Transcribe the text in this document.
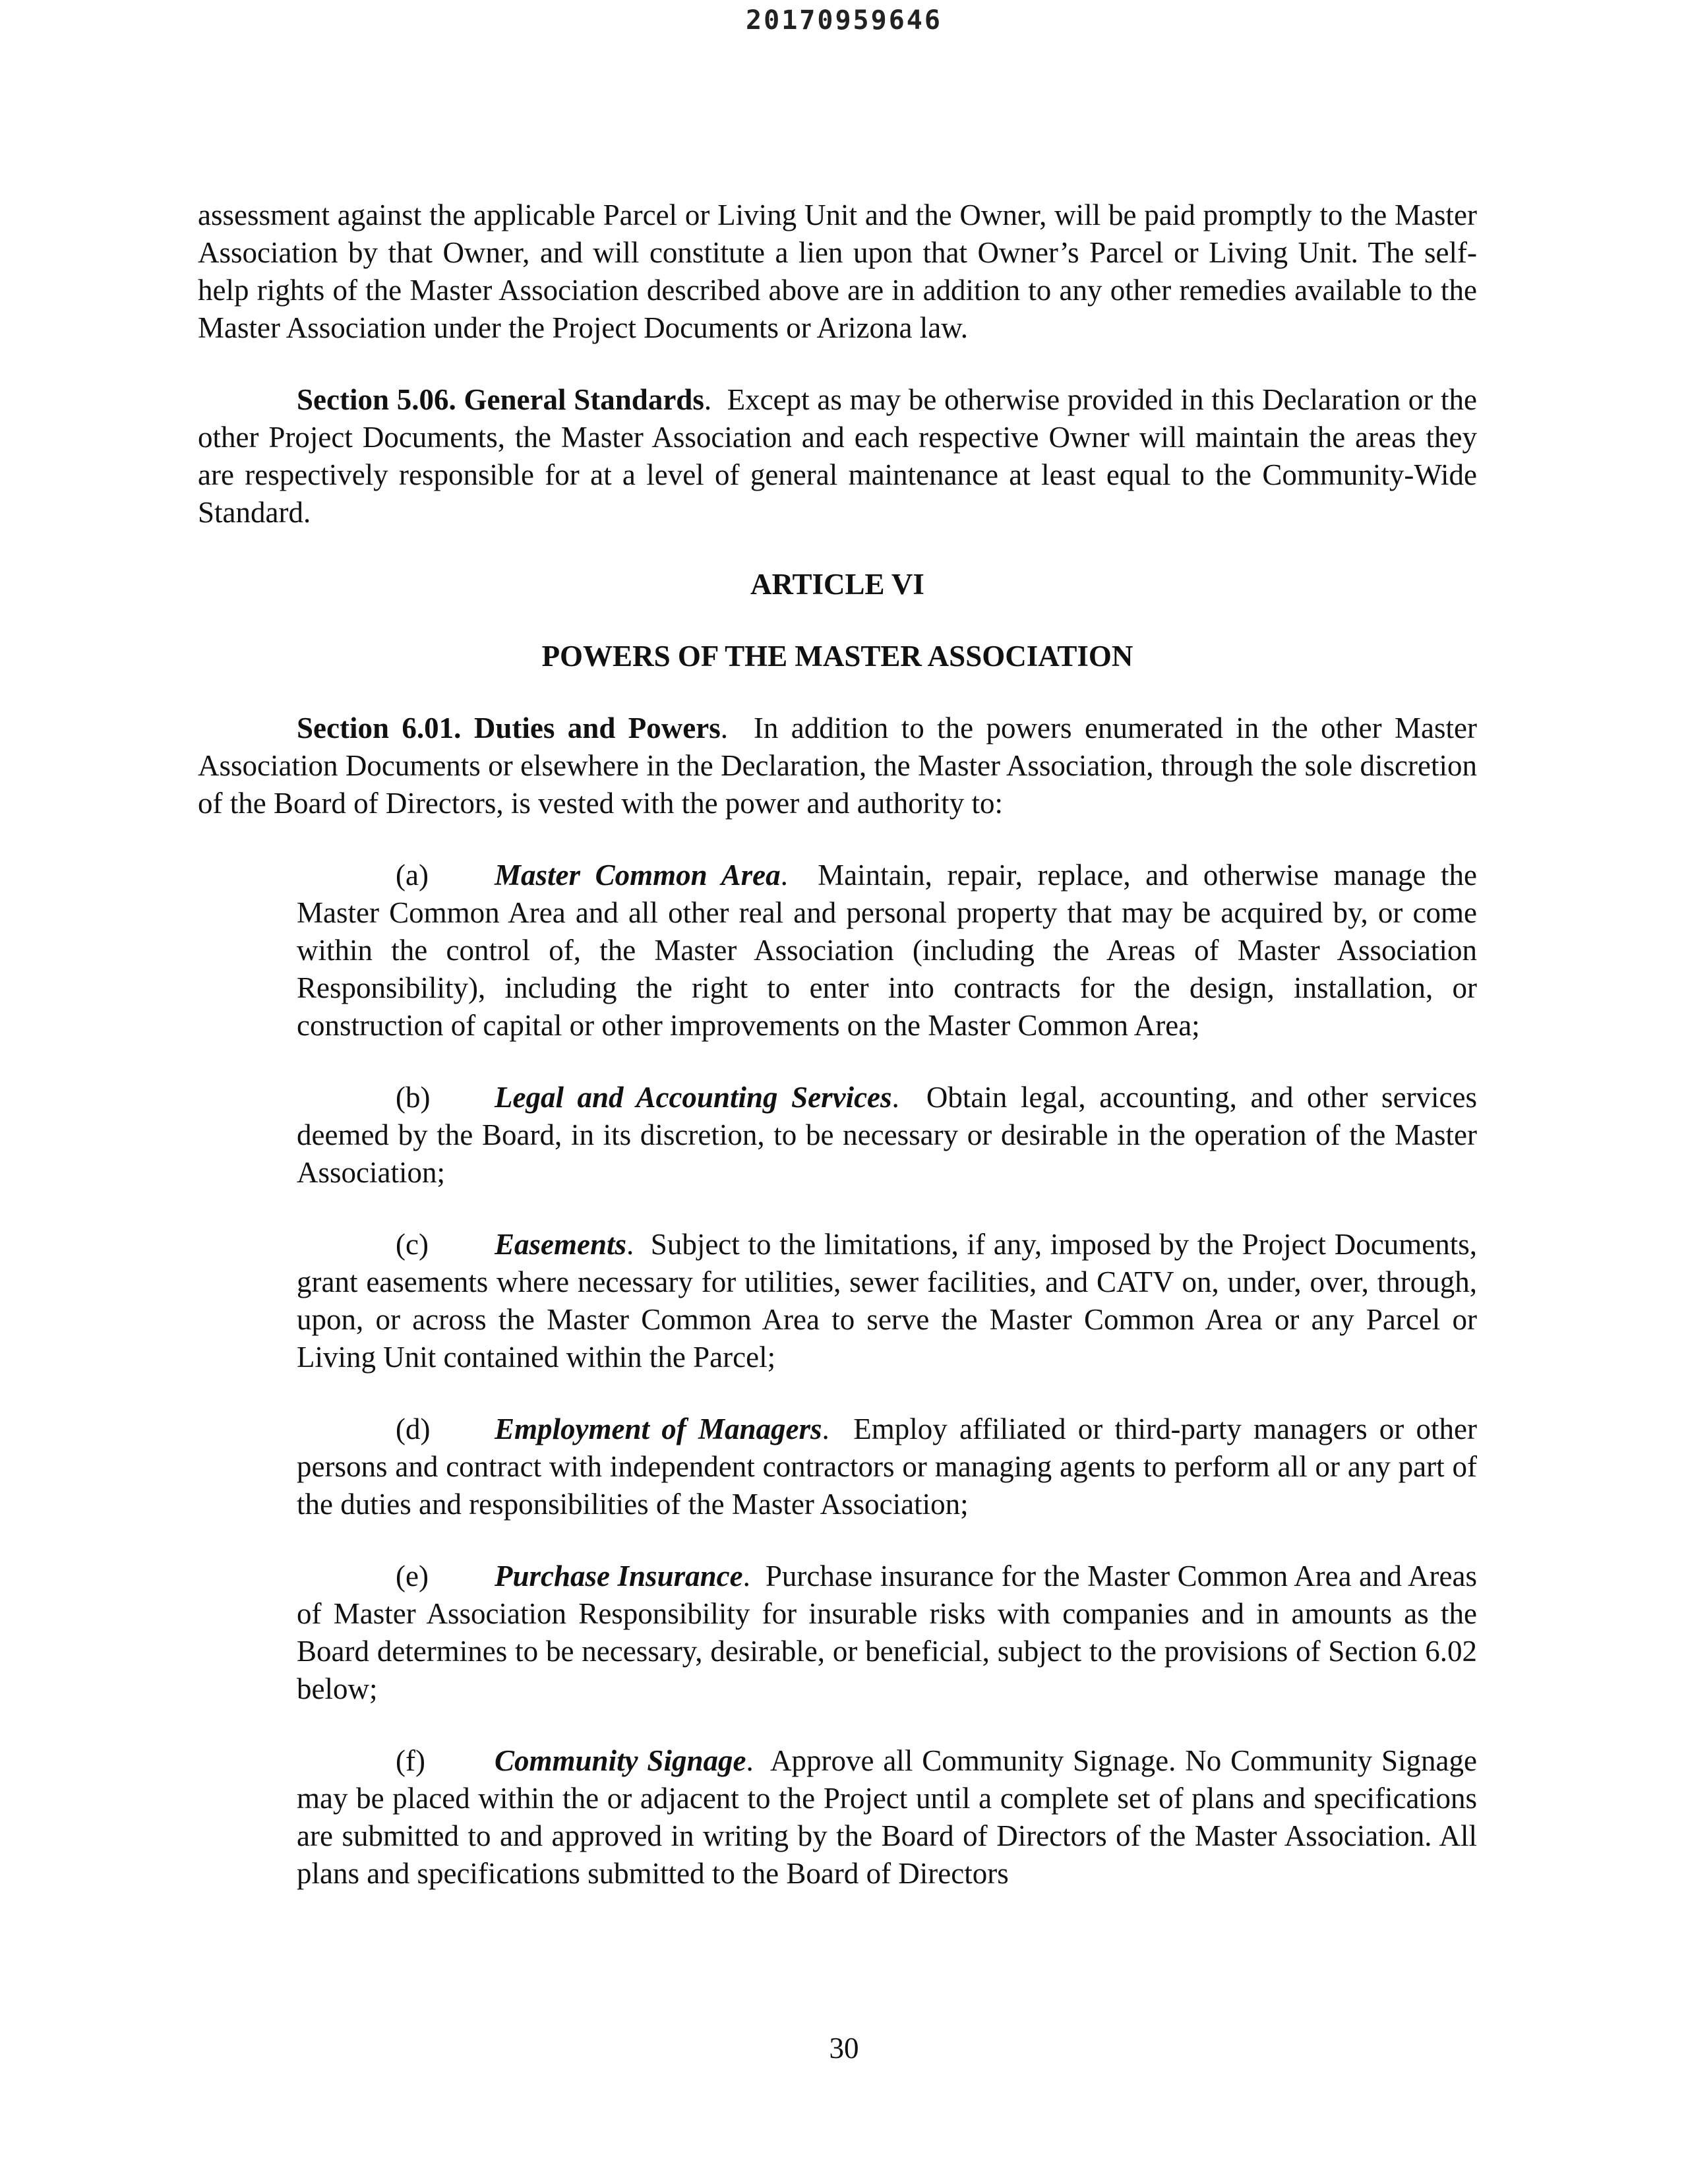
20170959646

assessment against the applicable Parcel or Living Unit and the Owner, will be paid promptly to the Master Association by that Owner, and will constitute a lien upon that Owner’s Parcel or Living Unit. The self-help rights of the Master Association described above are in addition to any other remedies available to the Master Association under the Project Documents or Arizona law.

Section 5.06. General Standards.  Except as may be otherwise provided in this Declaration or the other Project Documents, the Master Association and each respective Owner will maintain the areas they are respectively responsible for at a level of general maintenance at least equal to the Community-Wide Standard.

ARTICLE VI
POWERS OF THE MASTER ASSOCIATION

Section 6.01. Duties and Powers.  In addition to the powers enumerated in the other Master Association Documents or elsewhere in the Declaration, the Master Association, through the sole discretion of the Board of Directors, is vested with the power and authority to:

(a) Master Common Area.  Maintain, repair, replace, and otherwise manage the Master Common Area and all other real and personal property that may be acquired by, or come within the control of, the Master Association (including the Areas of Master Association Responsibility), including the right to enter into contracts for the design, installation, or construction of capital or other improvements on the Master Common Area;
(b) Legal and Accounting Services.  Obtain legal, accounting, and other services deemed by the Board, in its discretion, to be necessary or desirable in the operation of the Master Association;
(c) Easements.  Subject to the limitations, if any, imposed by the Project Documents, grant easements where necessary for utilities, sewer facilities, and CATV on, under, over, through, upon, or across the Master Common Area to serve the Master Common Area or any Parcel or Living Unit contained within the Parcel;
(d) Employment of Managers.  Employ affiliated or third-party managers or other persons and contract with independent contractors or managing agents to perform all or any part of the duties and responsibilities of the Master Association;
(e) Purchase Insurance.  Purchase insurance for the Master Common Area and Areas of Master Association Responsibility for insurable risks with companies and in amounts as the Board determines to be necessary, desirable, or beneficial, subject to the provisions of Section 6.02 below;
(f) Community Signage.  Approve all Community Signage. No Community Signage may be placed within the or adjacent to the Project until a complete set of plans and specifications are submitted to and approved in writing by the Board of Directors of the Master Association. All plans and specifications submitted to the Board of Directors
30
